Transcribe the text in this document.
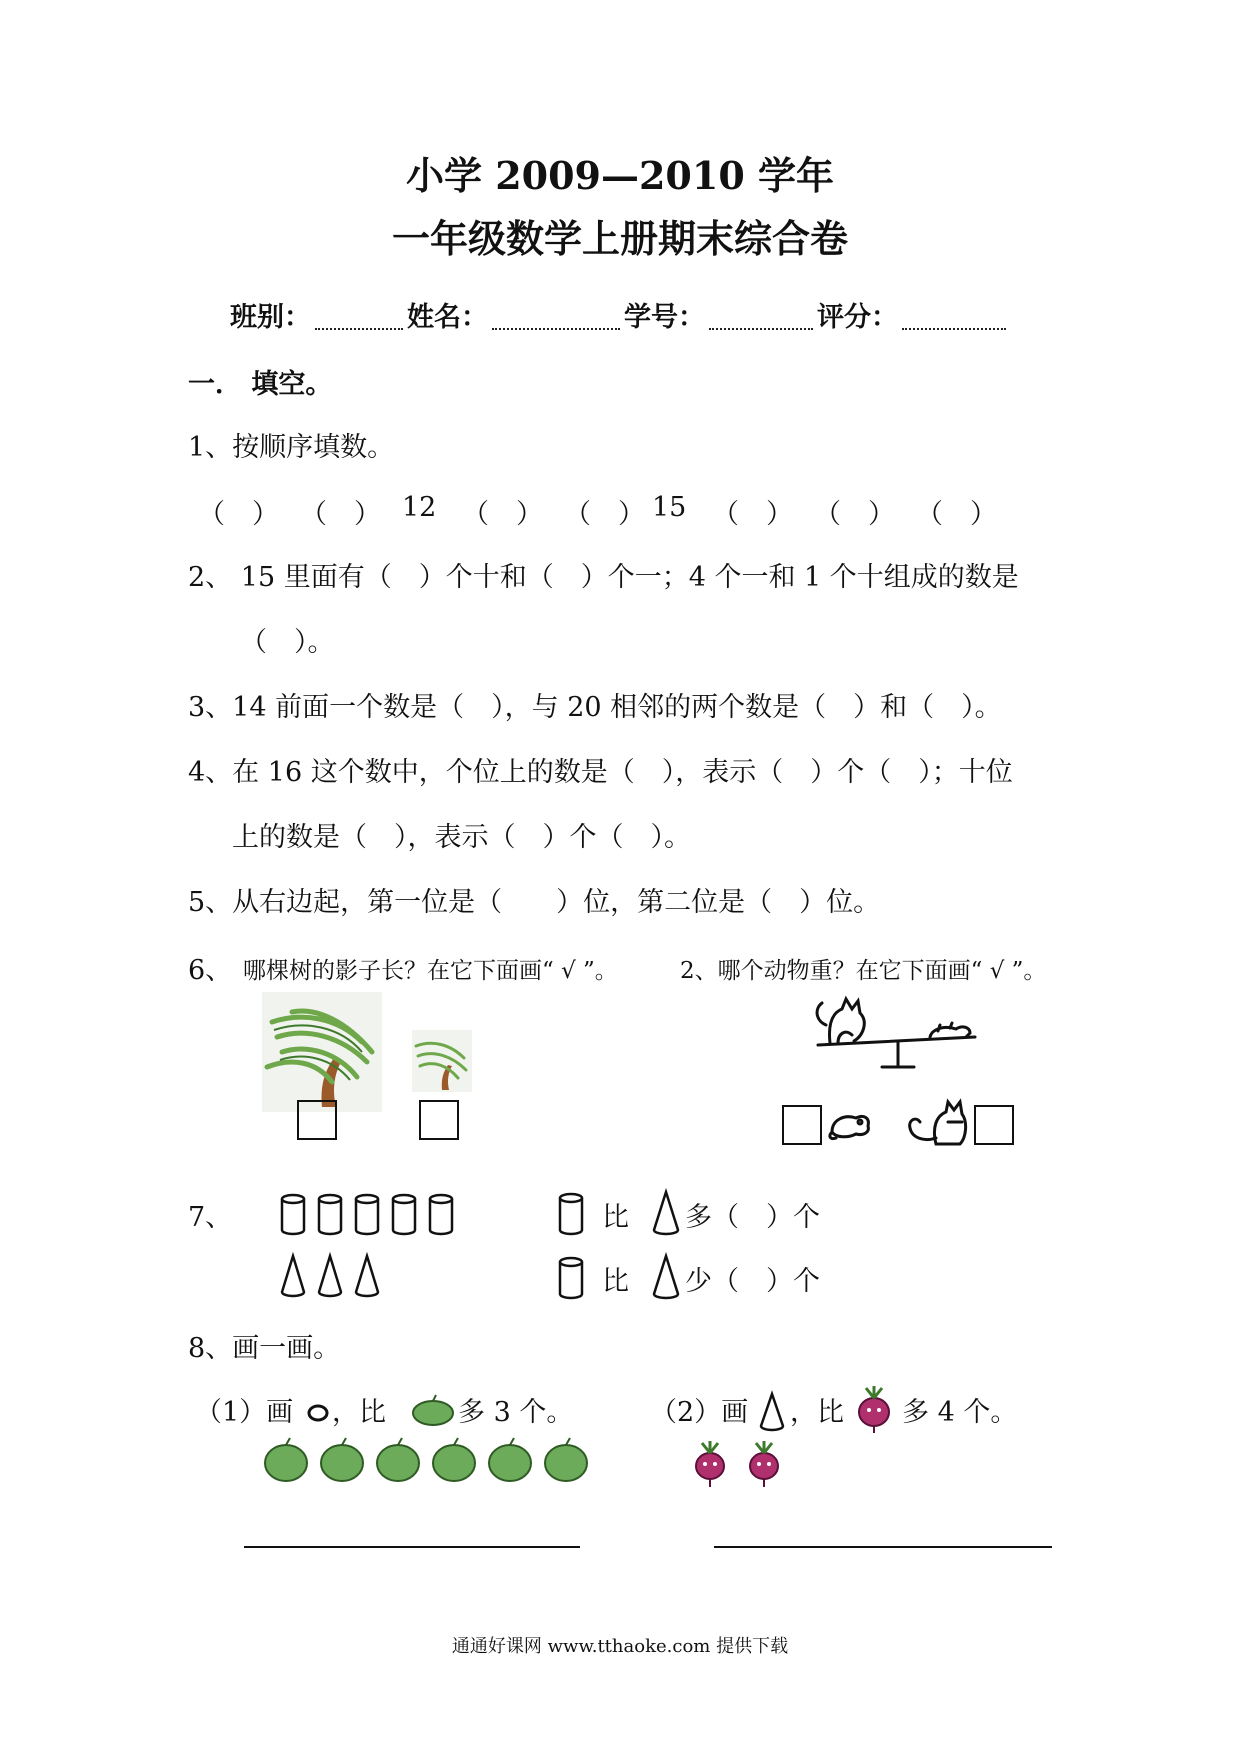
小学 2009—2010 学年
一年级数学上册期末综合卷
班别：	姓名：	学号：	评分：
一． 填空。
1、按顺序填数。
（　） （　） 12 （　） （　） 15 （　） （　） （　）
2、 15 里面有（　）个十和（　）个一；4 个一和 1 个十组成的数是
（　）。
3、14 前面一个数是（　），与 20 相邻的两个数是（　）和（　）。
4、在 16 这个数中，个位上的数是（　），表示（　）个（　）；十位
上的数是（　），表示（　）个（　）。
5、从右边起，第一位是（　　）位，第二位是（　）位。
6、 哪棵树的影子长？在它下面画“ √ ”。	2、哪个动物重？在它下面画“ √ ”。
7、	比 多（　）个
比 少（　）个
8、画一画。
（1）画 ，比	多 3 个。	（2）画 ，比 多 4 个。
通通好课网 www.tthaoke.com 提供下载
